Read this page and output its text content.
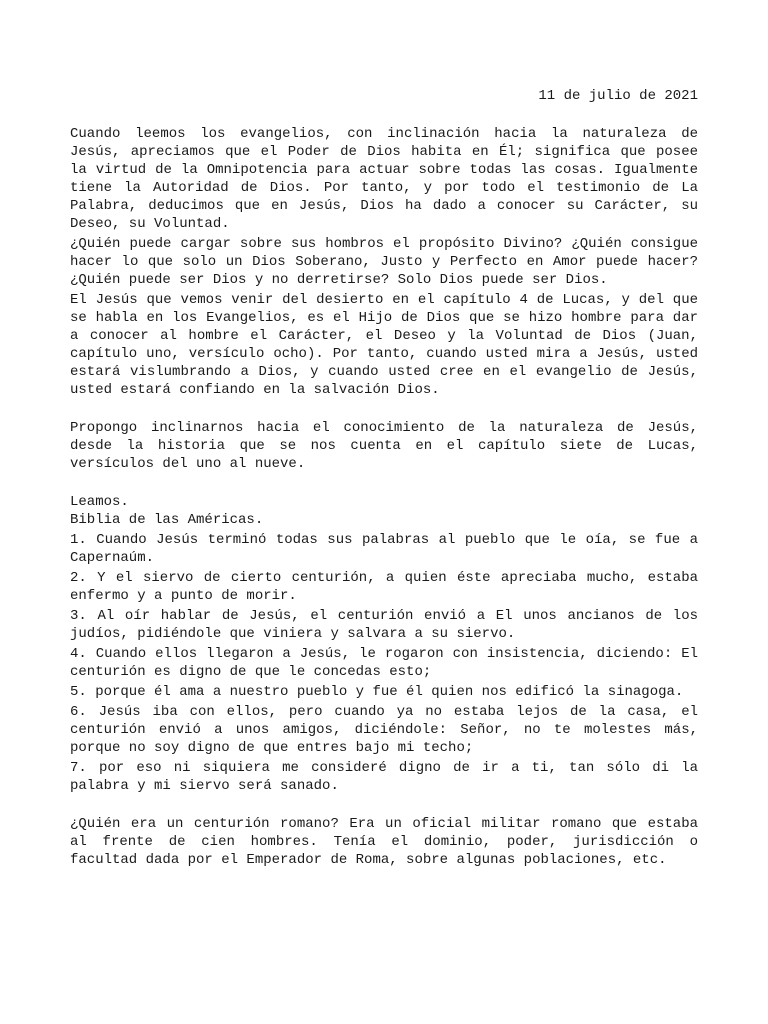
11 de julio de 2021

Cuando leemos los evangelios, con inclinación hacia la naturaleza de Jesús, apreciamos que el Poder de Dios habita en Él; significa que posee la virtud de la Omnipotencia para actuar sobre todas las cosas. Igualmente tiene la Autoridad de Dios. Por tanto, y por todo el testimonio de La Palabra, deducimos que en Jesús, Dios ha dado a conocer su Carácter, su Deseo, su Voluntad.

¿Quién puede cargar sobre sus hombros el propósito Divino? ¿Quién consigue hacer lo que solo un Dios Soberano, Justo y Perfecto en Amor puede hacer? ¿Quién puede ser Dios y no derretirse? Solo Dios puede ser Dios.

El Jesús que vemos venir del desierto en el capítulo 4 de Lucas, y del que se habla en los Evangelios, es el Hijo de Dios que se hizo hombre para dar a conocer al hombre el Carácter, el Deseo y la Voluntad de Dios (Juan, capítulo uno, versículo ocho). Por tanto, cuando usted mira a Jesús, usted estará vislumbrando a Dios, y cuando usted cree en el evangelio de Jesús, usted estará confiando en la salvación Dios.

Propongo inclinarnos hacia el conocimiento de la naturaleza de Jesús, desde la historia que se nos cuenta en el capítulo siete de Lucas, versículos del uno al nueve.

Leamos.

Biblia de las Américas.

1. Cuando Jesús terminó todas sus palabras al pueblo que le oía, se fue a Capernaúm.

2. Y el siervo de cierto centurión, a quien éste apreciaba mucho, estaba enfermo y a punto de morir.

3. Al oír hablar de Jesús, el centurión envió a El unos ancianos de los judíos, pidiéndole que viniera y salvara a su siervo.

4. Cuando ellos llegaron a Jesús, le rogaron con insistencia, diciendo: El centurión es digno de que le concedas esto;

5. porque él ama a nuestro pueblo y fue él quien nos edificó la sinagoga.

6. Jesús iba con ellos, pero cuando ya no estaba lejos de la casa, el centurión envió a unos amigos, diciéndole: Señor, no te molestes más, porque no soy digno de que entres bajo mi techo;

7. por eso ni siquiera me consideré digno de ir a ti, tan sólo di la palabra y mi siervo será sanado.

¿Quién era un centurión romano? Era un oficial militar romano que estaba al frente de cien hombres. Tenía el dominio, poder, jurisdicción o facultad dada por el Emperador de Roma, sobre algunas poblaciones, etc.
